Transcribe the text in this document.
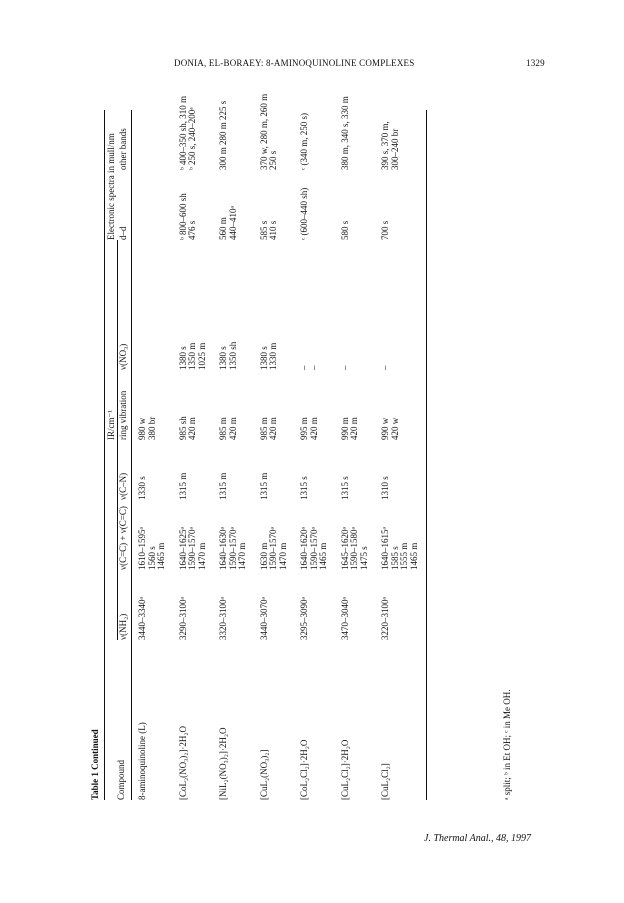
DONIA, EL-BORAEY: 8-AMINOQUINOLINE COMPLEXES	1329
Table 1 Continued Compound
IR/cm⁻¹
Electronic spectra in mull/nm
ν(NH₂)
ν(C=C) + ν(C=C)
ν(C–N)
ring vibration
ν(NO₃)
d–d
other bands
8-aminoquinoline (L)
3440–3340ᵃ
1610–1595ᵃ 1560 s 1465 m
1330 s
980 w 380 br
[CoL₂(NO₃)₂]·2H₂O
3290–3100ᵃ
1640–1625ᵃ 1590–1570ᵃ 1470 m
1315 m
985 sh 420 m
1380 s 1350 m 1025 m
ᵇ 800–600 sh 476 s
ᵇ 400–350 sh, 310 m ᵇ 250 s, 240–200ᵃ
[NiL₂(NO₃)₂]·2H₂O
3320–3100ᵃ
1640–1630ᵃ 1590–1570ᵃ 1470 m
1315 m
985 m 420 m
1380 s 1350 sh
560 m 440–410ᵃ
300 m 280 m 225 s
[CuL₂(NO₃)₂]
3440–3070ᵃ
1630 m 1590–1570ᵃ 1470 m
1315 m
985 m 420 m
1380 s 1330 m
585 s 410 s
370 w, 280 m, 260 m 250 s
[CoL₂Cl₂]·2H₂O
3295–3090ᵃ
1640–1620ᵃ 1590–1570ᵃ 1465 m
1315 s
995 m 420 m
– –
ᶜ (600–440 sh)
ᶜ (340 m, 250 s)
[CuL₂Cl₂]·2H₂O
3470–3040ᵃ
1645–1620ᵃ 1590–1580ᵃ 1475 s
1315 s
990 m 420 m
–
580 s
380 m, 340 s, 330 m
[CuL₂Cl₂]
3220–3100ᵃ
1640–1615ᵃ 1585 s 1555 m 1465 m
1310 s
990 w 420 w
–
700 s
390 s, 370 m, 300–240 br
ᵃ split; ᵇ in Et OH; ᶜ in Me OH.
J. Thermal Anal., 48, 1997
